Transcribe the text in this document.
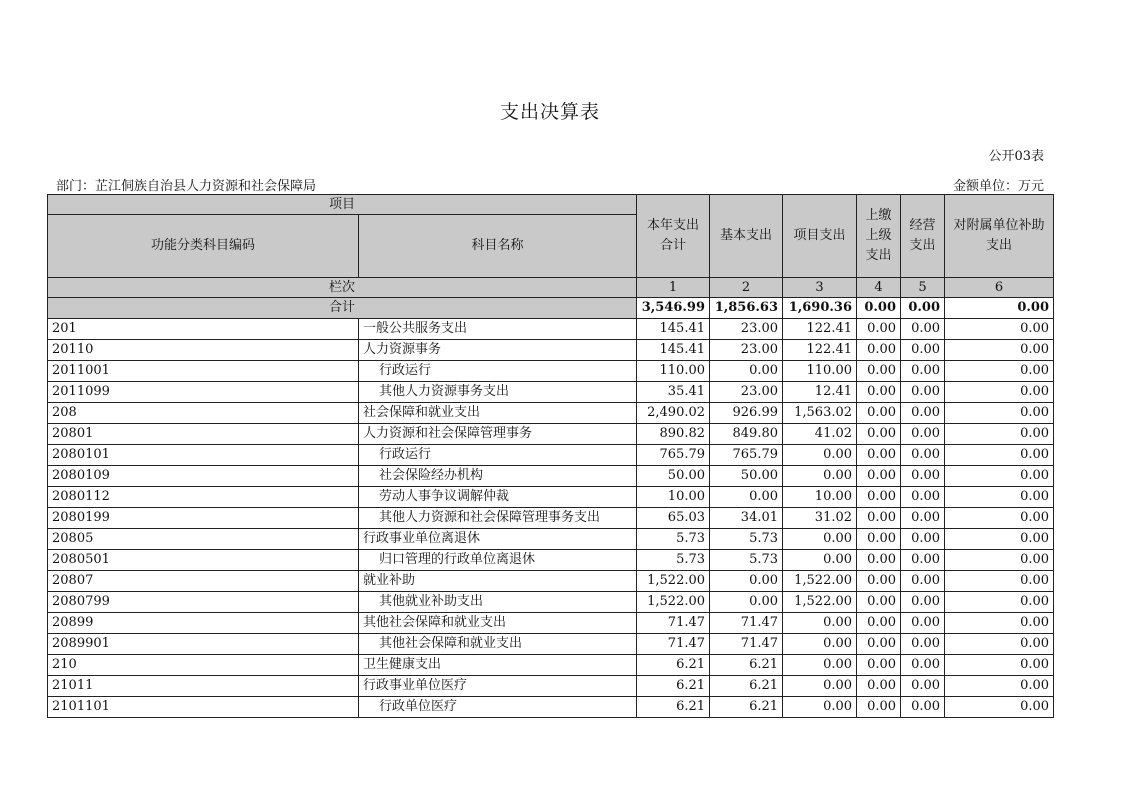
支出决算表
公开03表
部门：芷江侗族自治县人力资源和社会保障局	金额单位：万元
项目		本年支出合计	基本支出	项目支出	上缴上级支出	经营支出	对附属单位补助支出
功能分类科目编码	科目名称						
栏次		1	2	3	4	5	6
合计		3,546.99	1,856.63	1,690.36	0.00	0.00	0.00
201	一般公共服务支出	145.41	23.00	122.41	0.00	0.00	0.00
20110	人力资源事务	145.41	23.00	122.41	0.00	0.00	0.00
2011001	行政运行	110.00	0.00	110.00	0.00	0.00	0.00
2011099	其他人力资源事务支出	35.41	23.00	12.41	0.00	0.00	0.00
208	社会保障和就业支出	2,490.02	926.99	1,563.02	0.00	0.00	0.00
20801	人力资源和社会保障管理事务	890.82	849.80	41.02	0.00	0.00	0.00
2080101	行政运行	765.79	765.79	0.00	0.00	0.00	0.00
2080109	社会保险经办机构	50.00	50.00	0.00	0.00	0.00	0.00
2080112	劳动人事争议调解仲裁	10.00	0.00	10.00	0.00	0.00	0.00
2080199	其他人力资源和社会保障管理事务支出	65.03	34.01	31.02	0.00	0.00	0.00
20805	行政事业单位离退休	5.73	5.73	0.00	0.00	0.00	0.00
2080501	归口管理的行政单位离退休	5.73	5.73	0.00	0.00	0.00	0.00
20807	就业补助	1,522.00	0.00	1,522.00	0.00	0.00	0.00
2080799	其他就业补助支出	1,522.00	0.00	1,522.00	0.00	0.00	0.00
20899	其他社会保障和就业支出	71.47	71.47	0.00	0.00	0.00	0.00
2089901	其他社会保障和就业支出	71.47	71.47	0.00	0.00	0.00	0.00
210	卫生健康支出	6.21	6.21	0.00	0.00	0.00	0.00
21011	行政事业单位医疗	6.21	6.21	0.00	0.00	0.00	0.00
2101101	行政单位医疗	6.21	6.21	0.00	0.00	0.00	0.00
